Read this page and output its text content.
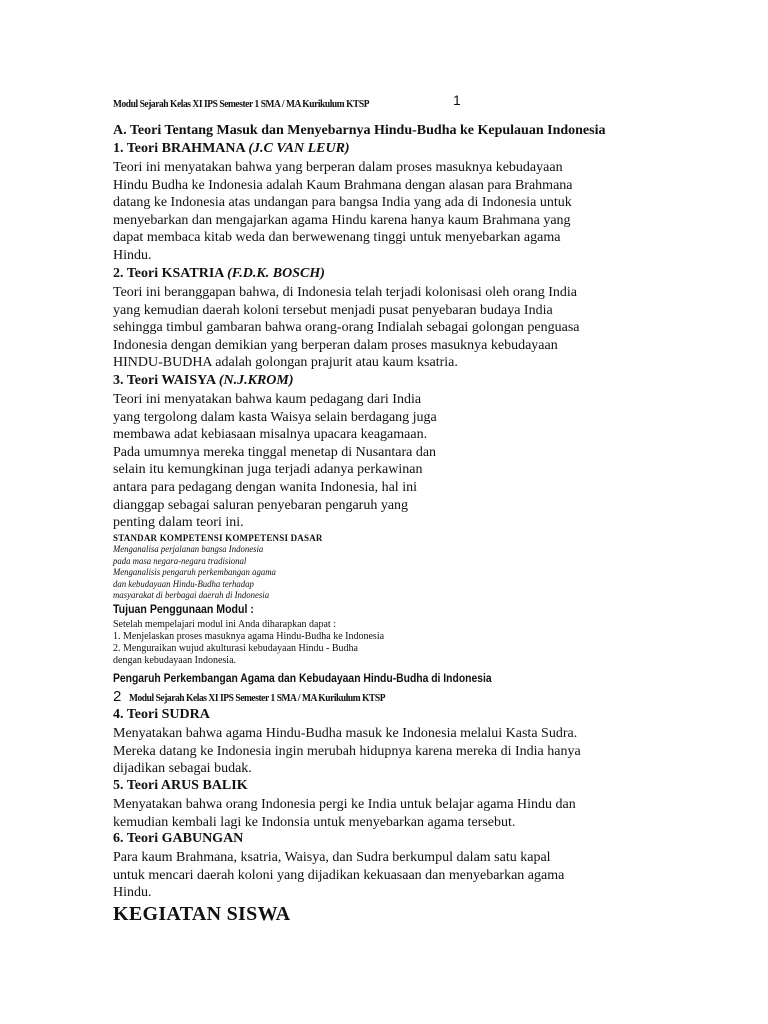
Modul Sejarah Kelas XI IPS Semester 1 SMA / MA Kurikulum KTSP	1
A. Teori Tentang Masuk dan Menyebarnya Hindu-Budha ke Kepulauan Indonesia
1. Teori BRAHMANA (J.C VAN LEUR)
Teori ini menyatakan bahwa yang berperan dalam proses masuknya kebudayaan
Hindu Budha ke Indonesia adalah Kaum Brahmana dengan alasan para Brahmana
datang ke Indonesia atas undangan para bangsa India yang ada di Indonesia untuk
menyebarkan dan mengajarkan agama Hindu karena hanya kaum Brahmana yang
dapat membaca kitab weda dan berwewenang tinggi untuk menyebarkan agama
Hindu.
2. Teori KSATRIA (F.D.K. BOSCH)
Teori ini beranggapan bahwa, di Indonesia telah terjadi kolonisasi oleh orang India
yang kemudian daerah koloni tersebut menjadi pusat penyebaran budaya India
sehingga timbul gambaran bahwa orang-orang Indialah sebagai golongan penguasa
Indonesia dengan demikian yang berperan dalam proses masuknya kebudayaan
HINDU-BUDHA adalah golongan prajurit atau kaum ksatria.
3. Teori WAISYA (N.J.KROM)
Teori ini menyatakan bahwa kaum pedagang dari India
yang tergolong dalam kasta Waisya selain berdagang juga
membawa adat kebiasaan misalnya upacara keagamaan.
Pada umumnya mereka tinggal menetap di Nusantara dan
selain itu kemungkinan juga terjadi adanya perkawinan
antara para pedagang dengan wanita Indonesia, hal ini
dianggap sebagai saluran penyebaran pengaruh yang
penting dalam teori ini.
STANDAR KOMPETENSI KOMPETENSI DASAR
Menganalisa perjalanan bangsa Indonesia
pada masa negara-negara tradisional
Menganalisis pengaruh perkembangan agama
dan kebudayaan Hindu-Budha terhadap
masyarakat di berbagai daerah di Indonesia
Tujuan Penggunaan Modul :
Setelah mempelajari modul ini Anda diharapkan dapat :
1. Menjelaskan proses masuknya agama Hindu-Budha ke Indonesia
2. Menguraikan wujud akulturasi kebudayaan Hindu - Budha
dengan kebudayaan Indonesia.
Pengaruh Perkembangan Agama dan Kebudayaan Hindu-Budha di Indonesia
2 Modul Sejarah Kelas XI IPS Semester 1 SMA / MA Kurikulum KTSP
4. Teori SUDRA
Menyatakan bahwa agama Hindu-Budha masuk ke Indonesia melalui Kasta Sudra.
Mereka datang ke Indonesia ingin merubah hidupnya karena mereka di India hanya
dijadikan sebagai budak.
5. Teori ARUS BALIK
Menyatakan bahwa orang Indonesia pergi ke India untuk belajar agama Hindu dan
kemudian kembali lagi ke Indonsia untuk menyebarkan agama tersebut.
6. Teori GABUNGAN
Para kaum Brahmana, ksatria, Waisya, dan Sudra berkumpul dalam satu kapal
untuk mencari daerah koloni yang dijadikan kekuasaan dan menyebarkan agama
Hindu.
KEGIATAN SISWA
